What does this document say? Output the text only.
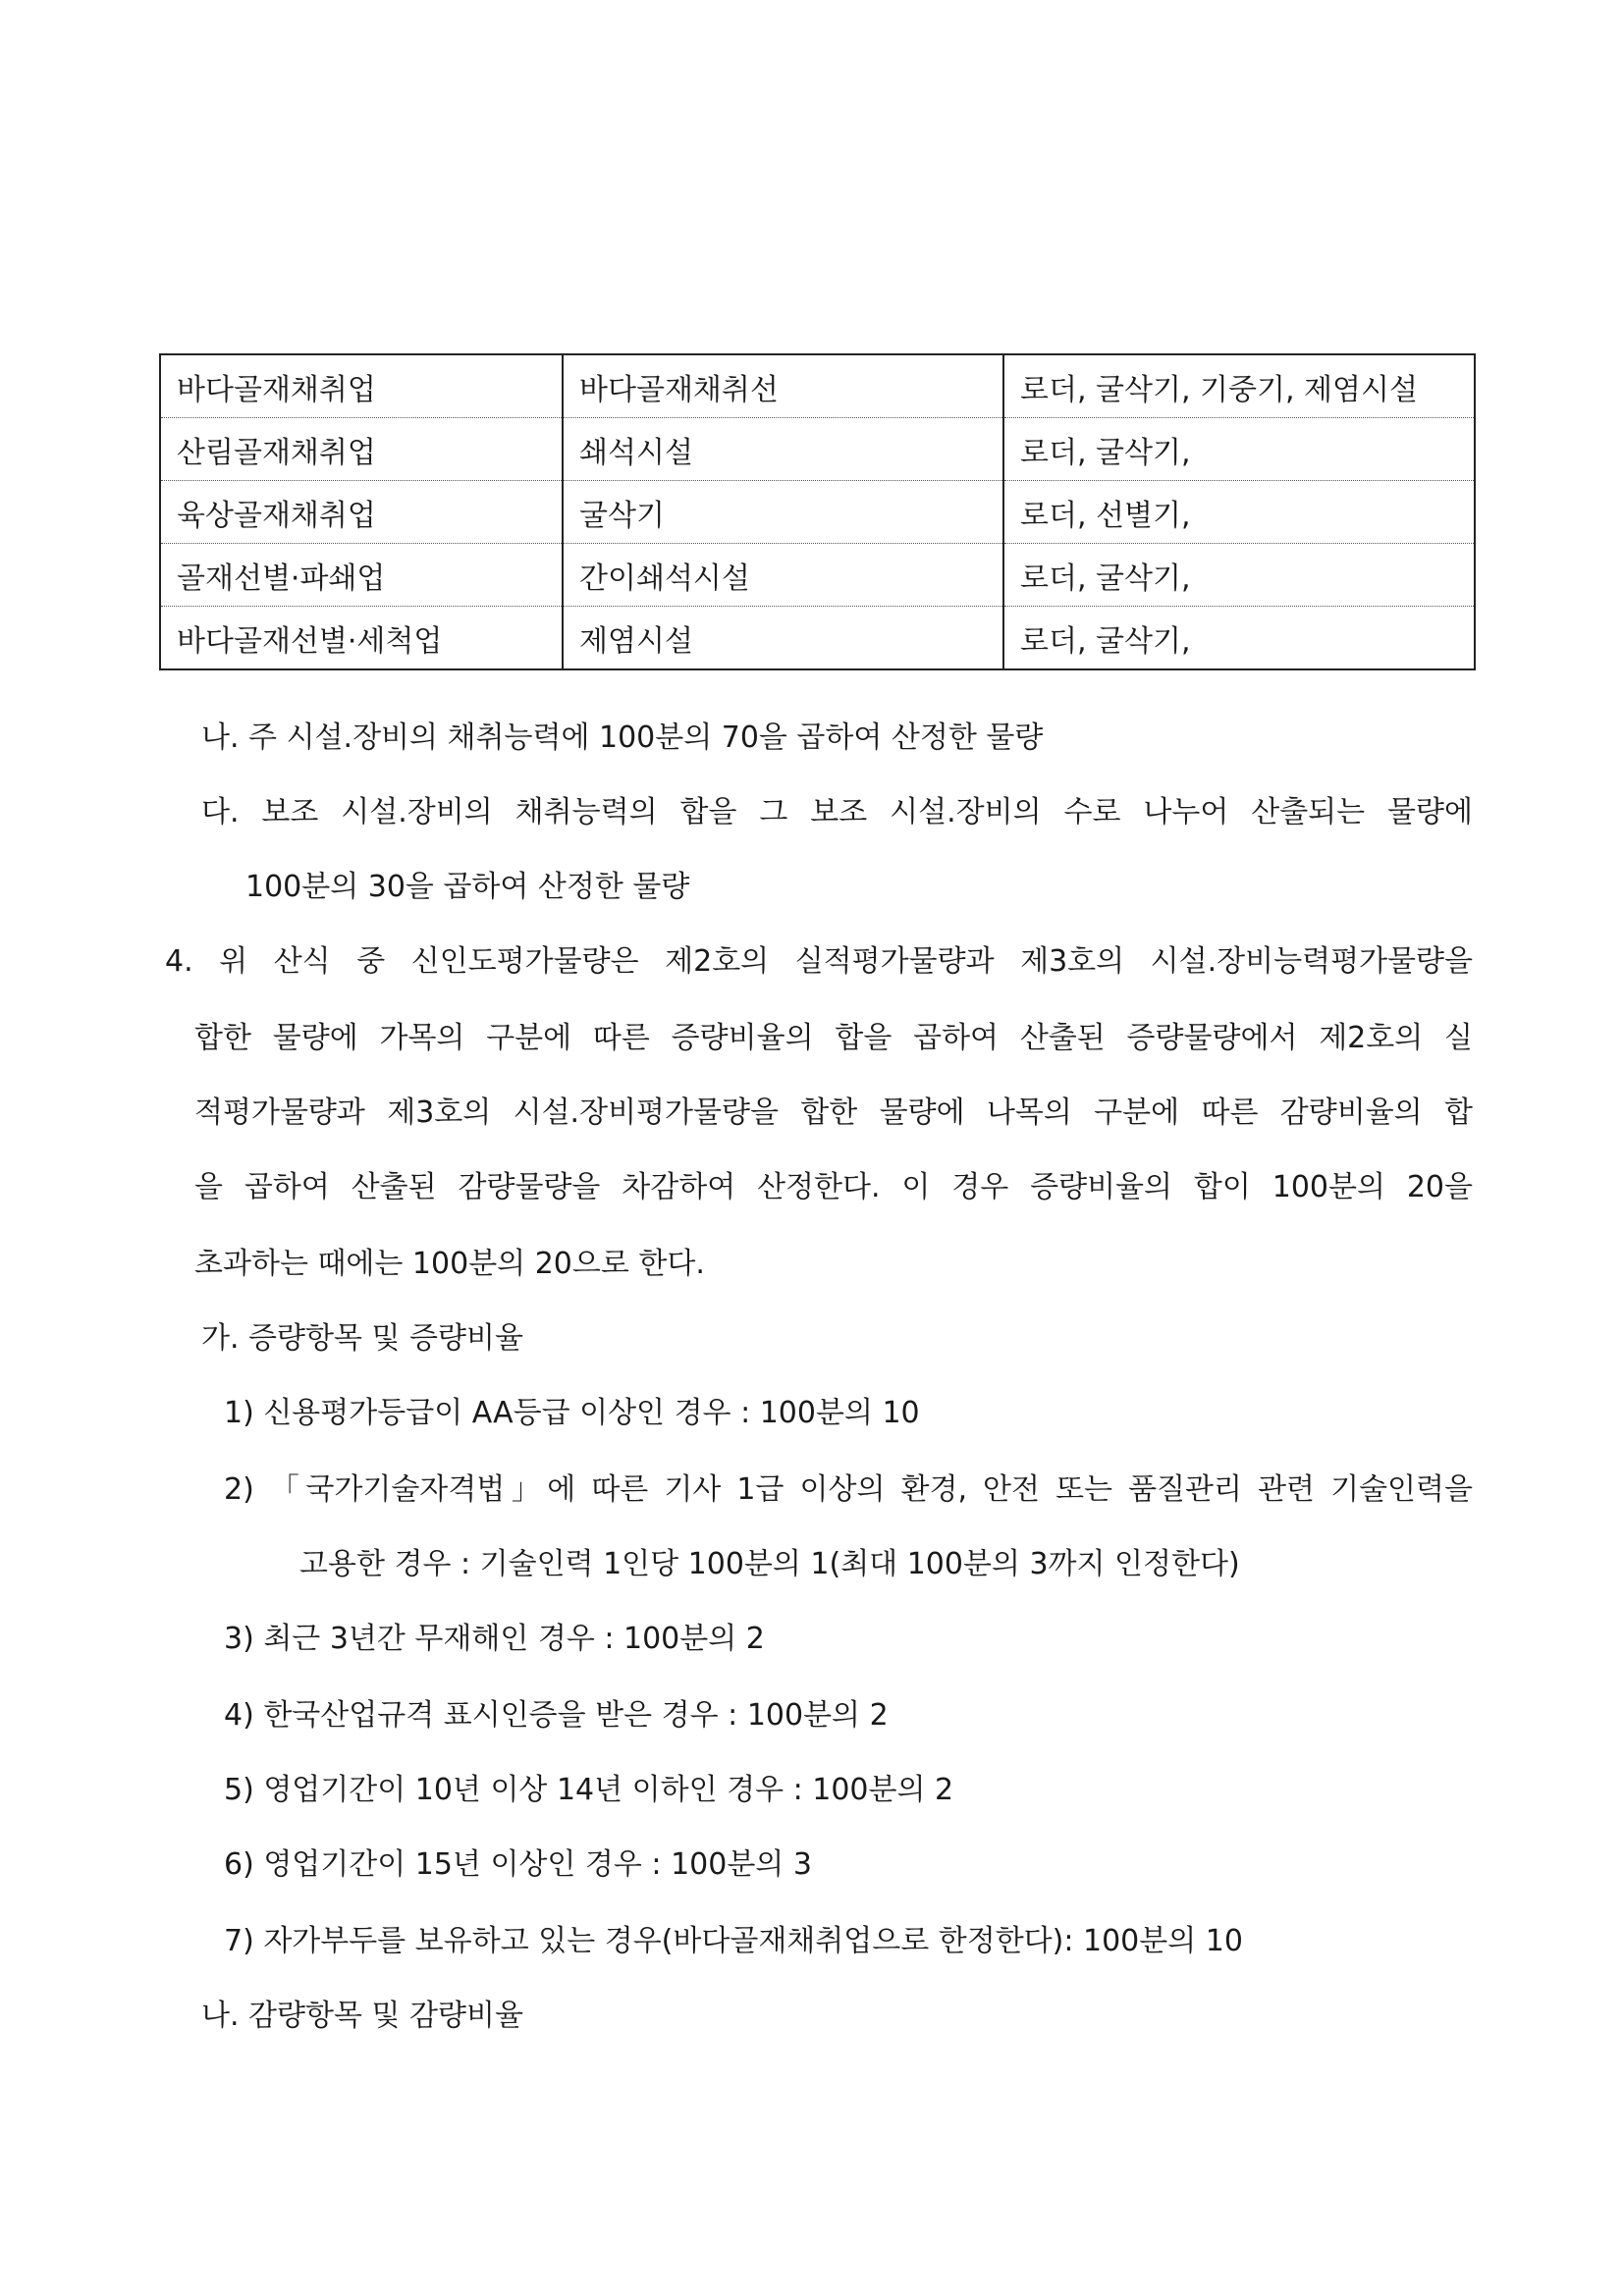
바다골재채취업	바다골재채취선	로더, 굴삭기, 기중기, 제염시설
산림골재채취업	쇄석시설	로더, 굴삭기,
육상골재채취업	굴삭기	로더, 선별기,
골재선별·파쇄업	간이쇄석시설	로더, 굴삭기,
바다골재선별·세척업	제염시설	로더, 굴삭기,
나. 주 시설.장비의 채취능력에 100분의 70을 곱하여 산정한 물량
다. 보조 시설.장비의 채취능력의 합을 그 보조 시설.장비의 수로 나누어 산출되는 물량에
100분의 30을 곱하여 산정한 물량
4. 위 산식 중 신인도평가물량은 제2호의 실적평가물량과 제3호의 시설.장비능력평가물량을
합한 물량에 가목의 구분에 따른 증량비율의 합을 곱하여 산출된 증량물량에서 제2호의 실
적평가물량과 제3호의 시설.장비평가물량을 합한 물량에 나목의 구분에 따른 감량비율의 합
을 곱하여 산출된 감량물량을 차감하여 산정한다. 이 경우 증량비율의 합이 100분의 20을
초과하는 때에는 100분의 20으로 한다.
가. 증량항목 및 증량비율
1) 신용평가등급이 AA등급 이상인 경우 : 100분의 10
2) 「국가기술자격법」에 따른 기사 1급 이상의 환경, 안전 또는 품질관리 관련 기술인력을
고용한 경우 : 기술인력 1인당 100분의 1(최대 100분의 3까지 인정한다)
3) 최근 3년간 무재해인 경우 : 100분의 2
4) 한국산업규격 표시인증을 받은 경우 : 100분의 2
5) 영업기간이 10년 이상 14년 이하인 경우 : 100분의 2
6) 영업기간이 15년 이상인 경우 : 100분의 3
7) 자가부두를 보유하고 있는 경우(바다골재채취업으로 한정한다): 100분의 10
나. 감량항목 및 감량비율
